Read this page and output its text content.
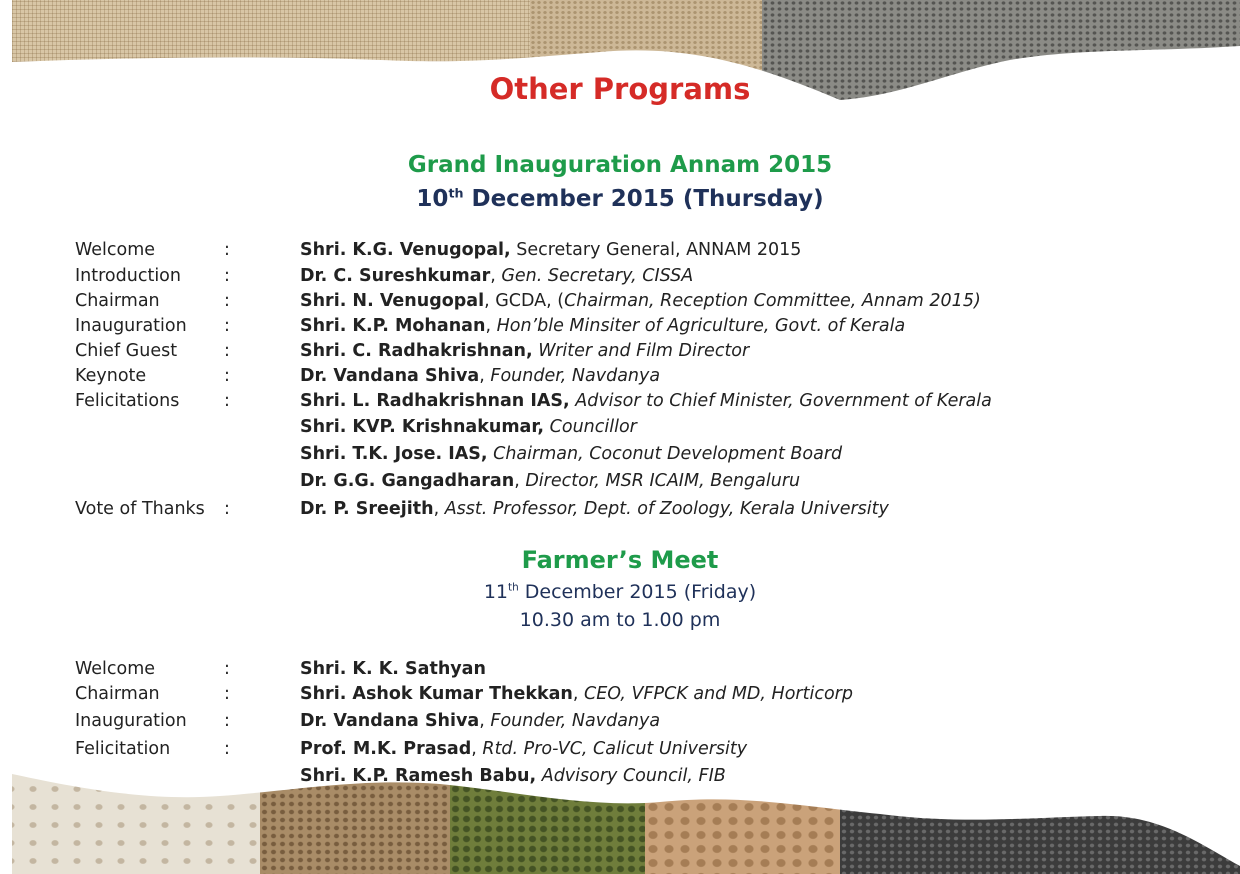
Other Programs
Grand Inauguration Annam 2015
10th December 2015 (Thursday)
Welcome	:	Shri. K.G. Venugopal, Secretary General, ANNAM 2015
Introduction :	Dr. C. Sureshkumar, Gen. Secretary, CISSA
Chairman	:	Shri. N. Venugopal, GCDA, (Chairman, Reception Committee, Annam 2015)
Inauguration :	Shri. K.P. Mohanan, Hon’ble Minsiter of Agriculture, Govt. of Kerala
Chief Guest	:	Shri. C. Radhakrishnan, Writer and Film Director
Keynote	:	Dr. Vandana Shiva, Founder, Navdanya
Felicitations	:	Shri. L. Radhakrishnan IAS, Advisor to Chief Minister, Government of Kerala
Shri. KVP. Krishnakumar, Councillor
Shri. T.K. Jose. IAS, Chairman, Coconut Development Board
Dr. G.G. Gangadharan, Director, MSR ICAIM, Bengaluru
Vote of Thanks :	Dr. P. Sreejith, Asst. Professor, Dept. of Zoology, Kerala University
Farmer’s Meet
11th December 2015 (Friday)
10.30 am to 1.00 pm
Welcome	:	Shri. K. K. Sathyan
Chairman	:	Shri. Ashok Kumar Thekkan, CEO, VFPCK and MD, Horticorp
Inauguration :	Dr. Vandana Shiva, Founder, Navdanya
Felicitation	:	Prof. M.K. Prasad, Rtd. Pro-VC, Calicut University
Shri. K.P. Ramesh Babu, Advisory Council, FIB
